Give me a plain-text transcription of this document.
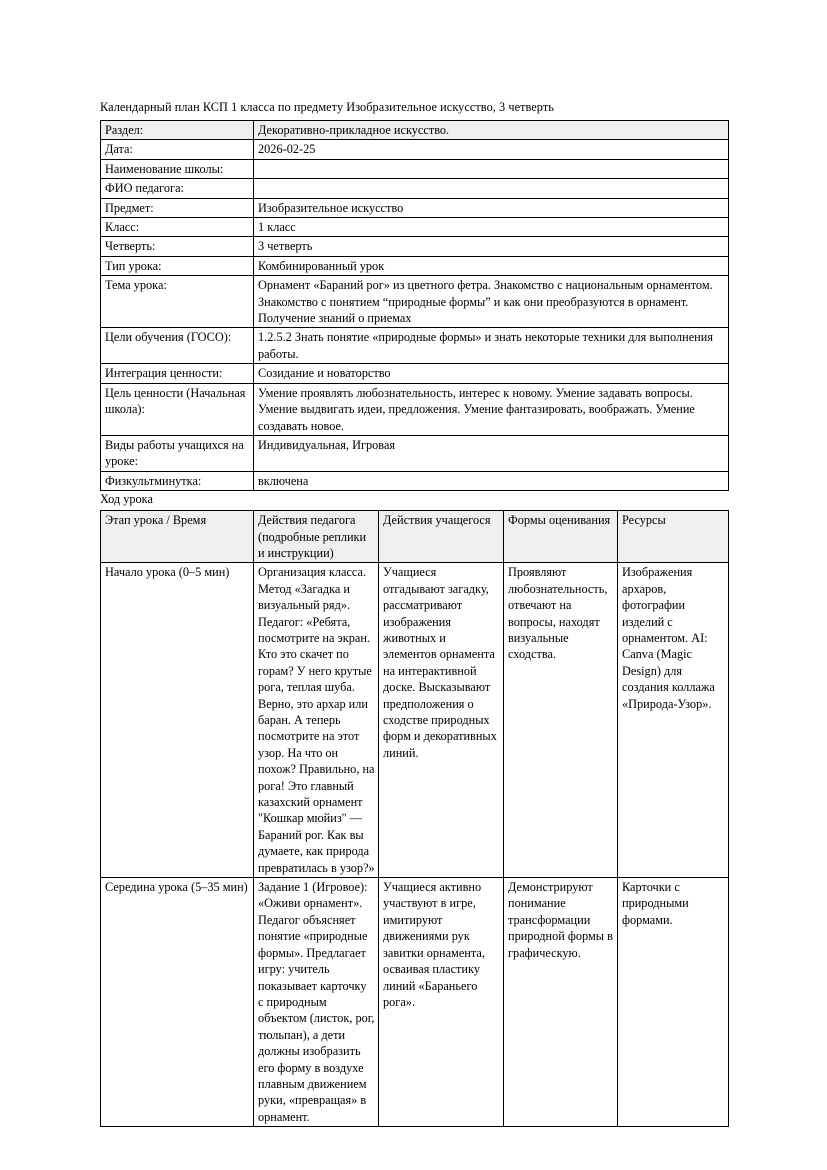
Календарный план КСП 1 класса по предмету Изобразительное искусство, 3 четверть

Раздел:	Декоративно-прикладное искусство.
Дата:	2026-02-25
Наименование школы:	
ФИО педагога:	
Предмет:	Изобразительное искусство
Класс:	1 класс
Четверть:	3 четверть
Тип урока:	Комбинированный урок
Тема урока:	Орнамент «Бараний рог» из цветного фетра. Знакомство с национальным орнаментом. Знакомство с понятием “природные формы” и как они преобразуются в орнамент. Получение знаний о приемах
Цели обучения (ГОСО):	1.2.5.2 Знать понятие «природные формы» и знать некоторые техники для выполнения работы.
Интеграция ценности:	Созидание и новаторство
Цель ценности (Начальная школа):	Умение проявлять любознательность, интерес к новому. Умение задавать вопросы. Умение выдвигать идеи, предложения. Умение фантазировать, воображать. Умение создавать новое.
Виды работы учащихся на уроке:	Индивидуальная, Игровая
Физкультминутка:	включена

Ход урока

Этап урока / Время	Действия педагога (подробные реплики и инструкции)	Действия учащегося	Формы оценивания	Ресурсы
Начало урока (0–5 мин)	Организация класса. Метод «Загадка и визуальный ряд». Педагог: «Ребята, посмотрите на экран. Кто это скачет по горам? У него крутые рога, теплая шуба. Верно, это архар или баран. А теперь посмотрите на этот узор. На что он похож? Правильно, на рога! Это главный казахский орнамент "Кошкар мюйиз" — Бараний рог. Как вы думаете, как природа превратилась в узор?»	Учащиеся отгадывают загадку, рассматривают изображения животных и элементов орнамента на интерактивной доске. Высказывают предположения о сходстве природных форм и декоративных линий.	Проявляют любознательность, отвечают на вопросы, находят визуальные сходства.	Изображения архаров, фотографии изделий с орнаментом. AI: Canva (Magic Design) для создания коллажа «Природа-Узор».
Середина урока (5–35 мин)	Задание 1 (Игровое): «Оживи орнамент». Педагог объясняет понятие «природные формы». Предлагает игру: учитель показывает карточку с природным объектом (листок, рог, тюльпан), а дети должны изобразить его форму в воздухе плавным движением руки, «превращая» в орнамент.	Учащиеся активно участвуют в игре, имитируют движениями рук завитки орнамента, осваивая пластику линий «Бараньего рога».	Демонстрируют понимание трансформации природной формы в графическую.	Карточки с природными формами.
